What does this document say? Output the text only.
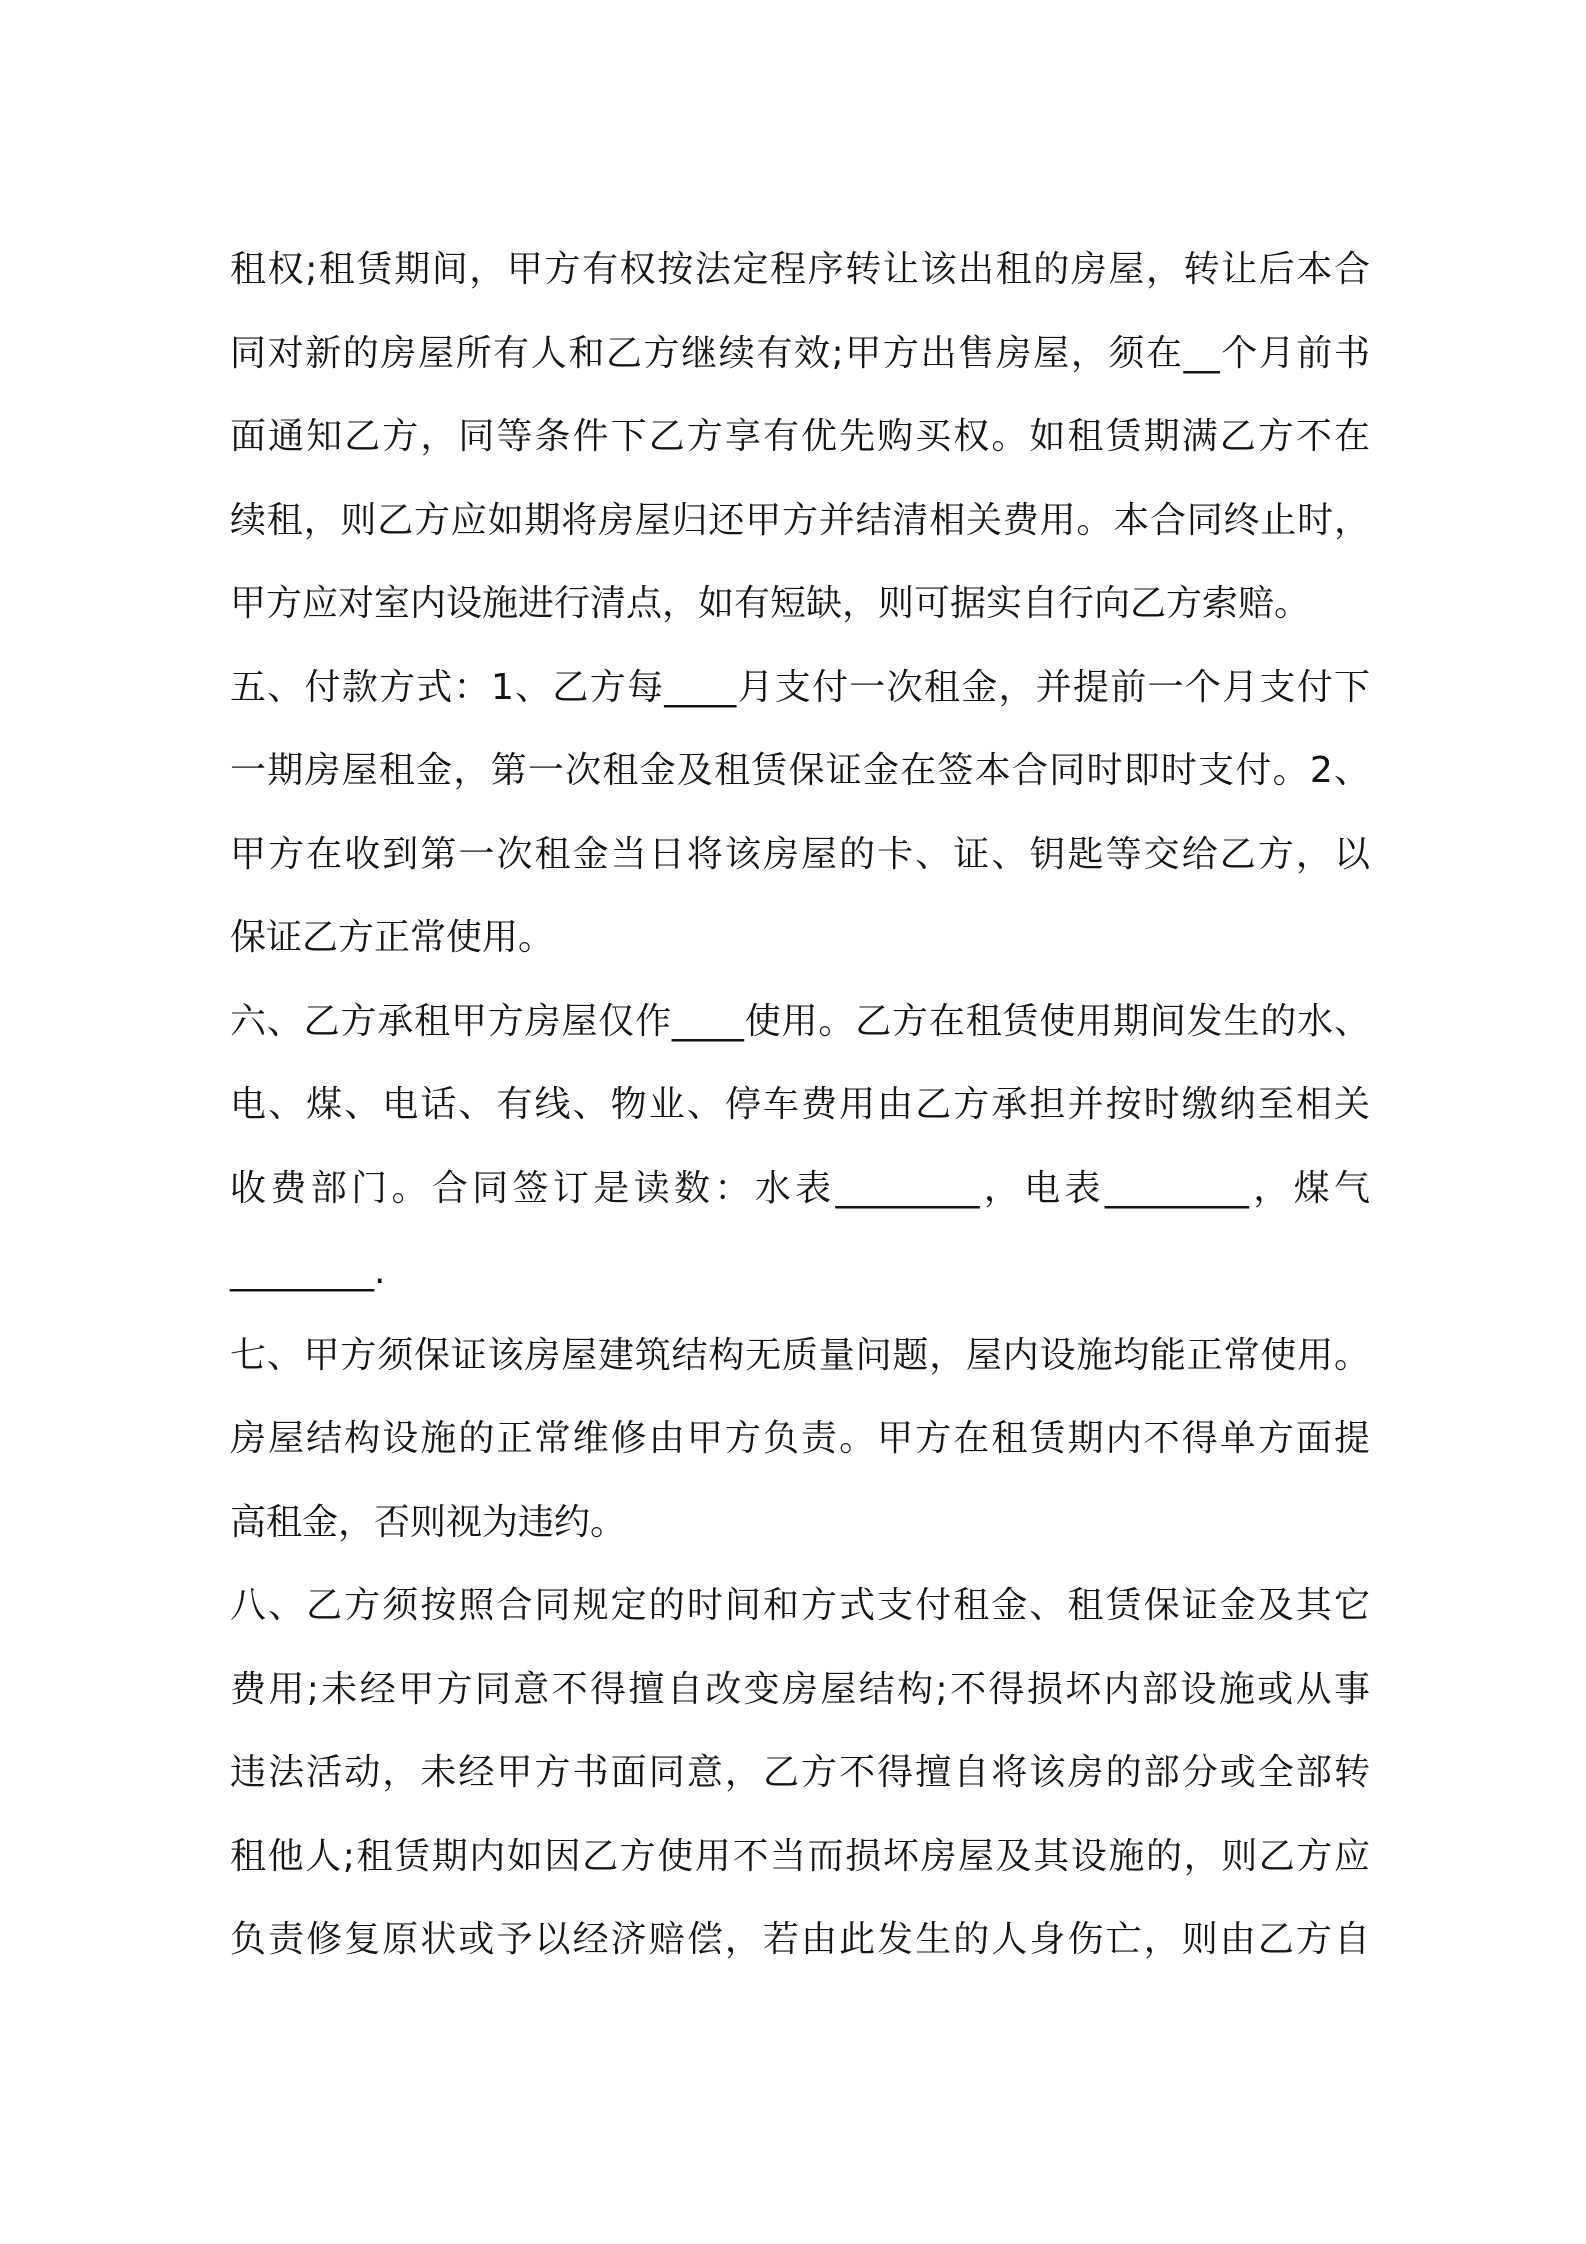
租权;租赁期间，甲方有权按法定程序转让该出租的房屋，转让后本合
同对新的房屋所有人和乙方继续有效;甲方出售房屋，须在__个月前书
面通知乙方，同等条件下乙方享有优先购买权。如租赁期满乙方不在
续租，则乙方应如期将房屋归还甲方并结清相关费用。本合同终止时，
甲方应对室内设施进行清点，如有短缺，则可据实自行向乙方索赔。
五、付款方式：1、乙方每____月支付一次租金，并提前一个月支付下
一期房屋租金，第一次租金及租赁保证金在签本合同时即时支付。2、
甲方在收到第一次租金当日将该房屋的卡、证、钥匙等交给乙方，以
保证乙方正常使用。
六、乙方承租甲方房屋仅作____使用。乙方在租赁使用期间发生的水、
电、煤、电话、有线、物业、停车费用由乙方承担并按时缴纳至相关
收费部门。合同签订是读数：水表________，电表________，煤气
________.
七、甲方须保证该房屋建筑结构无质量问题，屋内设施均能正常使用。
房屋结构设施的正常维修由甲方负责。甲方在租赁期内不得单方面提
高租金，否则视为违约。
八、乙方须按照合同规定的时间和方式支付租金、租赁保证金及其它
费用;未经甲方同意不得擅自改变房屋结构;不得损坏内部设施或从事
违法活动，未经甲方书面同意，乙方不得擅自将该房的部分或全部转
租他人;租赁期内如因乙方使用不当而损坏房屋及其设施的，则乙方应
负责修复原状或予以经济赔偿，若由此发生的人身伤亡，则由乙方自
